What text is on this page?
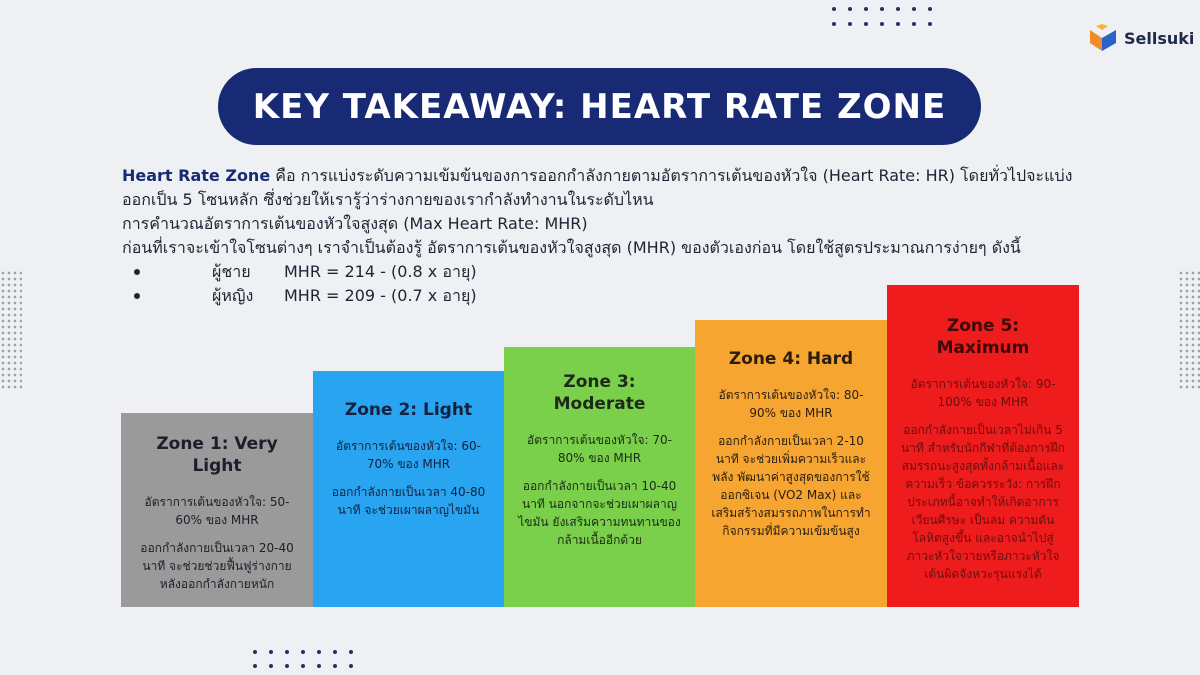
Sellsuki
KEY TAKEAWAY: HEART RATE ZONE

Heart Rate Zone คือ การแบ่งระดับความเข้มข้นของการออกกำลังกายตามอัตราการเต้นของหัวใจ (Heart Rate: HR) โดยทั่วไปจะแบ่งออกเป็น 5 โซนหลัก ซึ่งช่วยให้เรารู้ว่าร่างกายของเรากำลังทำงานในระดับไหน

การคำนวณอัตราการเต้นของหัวใจสูงสุด (Max Heart Rate: MHR)

ก่อนที่เราจะเข้าใจโซนต่างๆ เราจำเป็นต้องรู้ อัตราการเต้นของหัวใจสูงสุด (MHR) ของตัวเองก่อน โดยใช้สูตรประมาณการง่ายๆ ดังนี้

ผู้ชาย	MHR = 214 - (0.8 x อายุ)
ผู้หญิง	MHR = 209 - (0.7 x อายุ)
Zone 1: Very Light

อัตราการเต้นของหัวใจ: 50-60% ของ MHR

ออกกำลังกายเป็นเวลา 20-40 นาที จะช่วยช่วยฟื้นฟูร่างกายหลังออกกำลังกายหนัก

Zone 2: Light

อัตราการเต้นของหัวใจ: 60-70% ของ MHR

ออกกำลังกายเป็นเวลา 40-80 นาที จะช่วยเผาผลาญไขมัน

Zone 3: Moderate

อัตราการเต้นของหัวใจ: 70-80% ของ MHR

ออกกำลังกายเป็นเวลา 10-40 นาที นอกจากจะช่วยเผาผลาญไขมัน ยังเสริมความทนทานของกล้ามเนื้ออีกด้วย

Zone 4: Hard

อัตราการเต้นของหัวใจ: 80-90% ของ MHR

ออกกำลังกายเป็นเวลา 2-10 นาที จะช่วยเพิ่มความเร็วและพลัง พัฒนาค่าสูงสุดของการใช้ออกซิเจน (VO2 Max) และเสริมสร้างสมรรถภาพในการทำกิจกรรมที่มีความเข้มข้นสูง

Zone 5: Maximum

อัตราการเต้นของหัวใจ: 90-100% ของ MHR

ออกกำลังกายเป็นเวลาไม่เกิน 5 นาที สำหรับนักกีฬาที่ต้องการฝึกสมรรถนะสูงสุดทั้งกล้ามเนื้อและความเร็ว ข้อควรระวัง: การฝึกประเภทนี้อาจทำให้เกิดอาการเวียนศีรษะ เป็นลม ความดันโลหิตสูงขึ้น และอาจนำไปสู่ภาวะหัวใจวายหรือภาวะหัวใจเต้นผิดจังหวะรุนแรงได้
